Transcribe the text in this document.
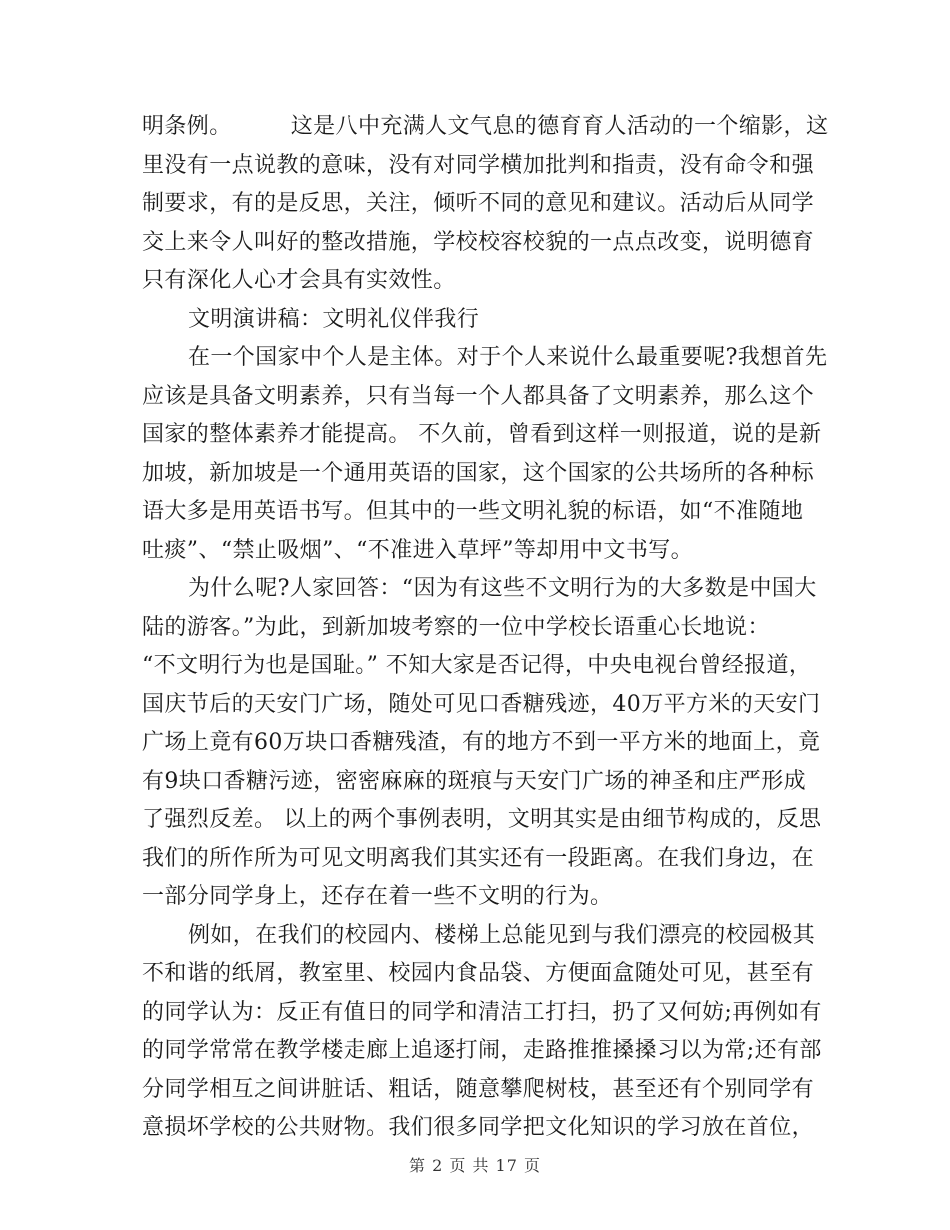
明条例。        这是八中充满人文气息的德育育人活动的一个缩影，这
里没有一点说教的意味，没有对同学横加批判和指责，没有命令和强
制要求，有的是反思，关注，倾听不同的意见和建议。活动后从同学
交上来令人叫好的整改措施，学校校容校貌的一点点改变，说明德育
只有深化人心才会具有实效性。
文明演讲稿：文明礼仪伴我行
在一个国家中个人是主体。对于个人来说什么最重要呢?我想首先
应该是具备文明素养，只有当每一个人都具备了文明素养，那么这个
国家的整体素养才能提高。 不久前，曾看到这样一则报道，说的是新
加坡，新加坡是一个通用英语的国家，这个国家的公共场所的各种标
语大多是用英语书写。但其中的一些文明礼貌的标语，如“不准随地
吐痰”、“禁止吸烟”、“不准进入草坪”等却用中文书写。
为什么呢?人家回答：“因为有这些不文明行为的大多数是中国大
陆的游客。”为此，到新加坡考察的一位中学校长语重心长地说：
“不文明行为也是国耻。” 不知大家是否记得，中央电视台曾经报道，
国庆节后的天安门广场，随处可见口香糖残迹，40万平方米的天安门
广场上竟有60万块口香糖残渣，有的地方不到一平方米的地面上，竟
有9块口香糖污迹，密密麻麻的斑痕与天安门广场的神圣和庄严形成
了强烈反差。 以上的两个事例表明，文明其实是由细节构成的，反思
我们的所作所为可见文明离我们其实还有一段距离。在我们身边，在
一部分同学身上，还存在着一些不文明的行为。
例如，在我们的校园内、楼梯上总能见到与我们漂亮的校园极其
不和谐的纸屑，教室里、校园内食品袋、方便面盒随处可见，甚至有
的同学认为：反正有值日的同学和清洁工打扫，扔了又何妨;再例如有
的同学常常在教学楼走廊上追逐打闹，走路推推搡搡习以为常;还有部
分同学相互之间讲脏话、粗话，随意攀爬树枝，甚至还有个别同学有
意损坏学校的公共财物。我们很多同学把文化知识的学习放在首位，
第 2 页 共 17 页
